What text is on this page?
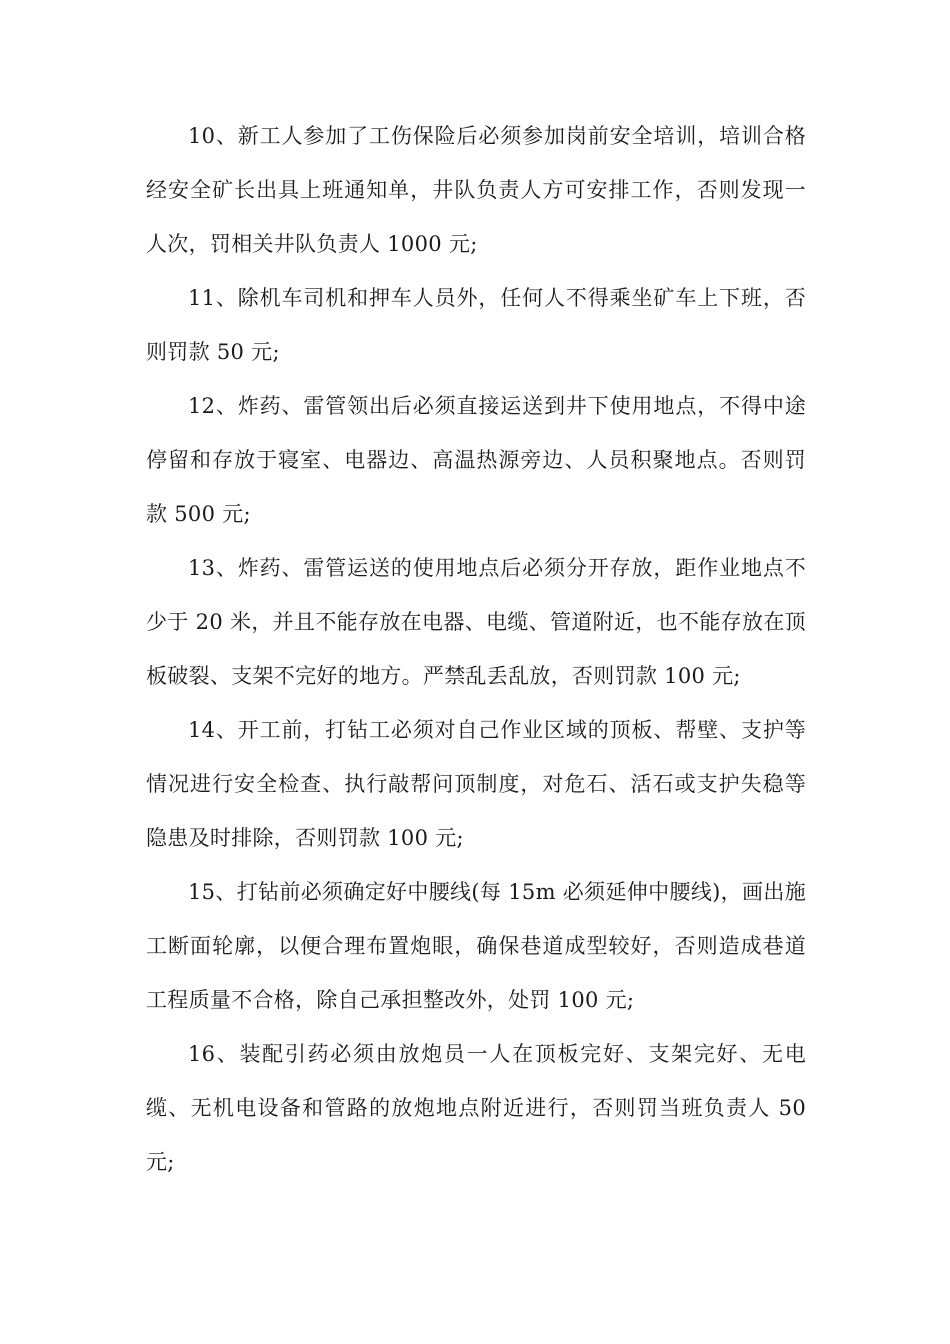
10、新工人参加了工伤保险后必须参加岗前安全培训，培训合格经安全矿长出具上班通知单，井队负责人方可安排工作，否则发现一人次，罚相关井队负责人 1000 元;

11、除机车司机和押车人员外，任何人不得乘坐矿车上下班，否则罚款 50 元;

12、炸药、雷管领出后必须直接运送到井下使用地点，不得中途停留和存放于寝室、电器边、高温热源旁边、人员积聚地点。否则罚款 500 元;

13、炸药、雷管运送的使用地点后必须分开存放，距作业地点不少于 20 米，并且不能存放在电器、电缆、管道附近，也不能存放在顶板破裂、支架不完好的地方。严禁乱丢乱放，否则罚款 100 元;

14、开工前，打钻工必须对自己作业区域的顶板、帮壁、支护等情况进行安全检查、执行敲帮问顶制度，对危石、活石或支护失稳等隐患及时排除，否则罚款 100 元;

15、打钻前必须确定好中腰线(每 15m 必须延伸中腰线)，画出施工断面轮廓，以便合理布置炮眼，确保巷道成型较好，否则造成巷道工程质量不合格，除自己承担整改外，处罚 100 元;

16、装配引药必须由放炮员一人在顶板完好、支架完好、无电缆、无机电设备和管路的放炮地点附近进行，否则罚当班负责人 50 元;
